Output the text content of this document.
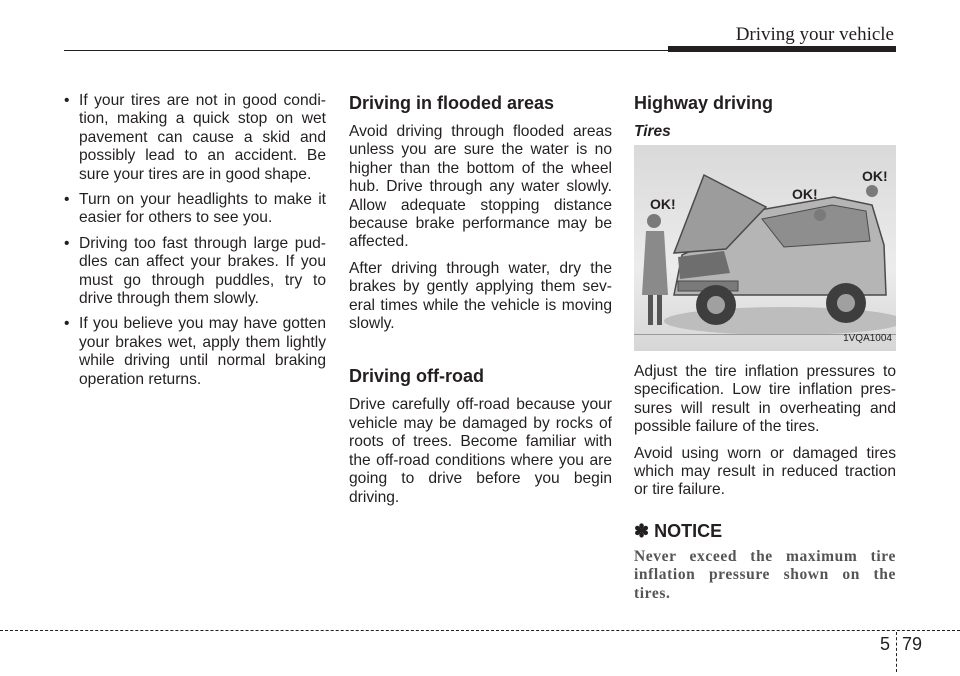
Driving your vehicle
• If your tires are not in good condi-tion, making a quick stop on wet pavement can cause a skid and possibly lead to an accident. Be sure your tires are in good shape.
• Turn on your headlights to make it easier for others to see you.
• Driving too fast through large pud-dles can affect your brakes. If you must go through puddles, try to drive through them slowly.
• If you believe you may have gotten your brakes wet, apply them lightly while driving until normal braking operation returns.
Driving in flooded areas

Avoid driving through flooded areas unless you are sure the water is no higher than the bottom of the wheel hub. Drive through any water slowly. Allow adequate stopping distance because brake performance may be affected.

After driving through water, dry the brakes by gently applying them sev-eral times while the vehicle is moving slowly.

Driving off-road

Drive carefully off-road because your vehicle may be damaged by rocks of roots of trees. Become familiar with the off-road conditions where you are going to drive before you begin driving.

Highway driving
Tires
OK!
OK!
OK!
1VQA1004

Adjust the tire inflation pressures to specification. Low tire inflation pres-sures will result in overheating and possible failure of the tires.

Avoid using worn or damaged tires which may result in reduced traction or tire failure.

✽ NOTICE
Never exceed the maximum tire inflation pressure shown on the tires.
5 79
